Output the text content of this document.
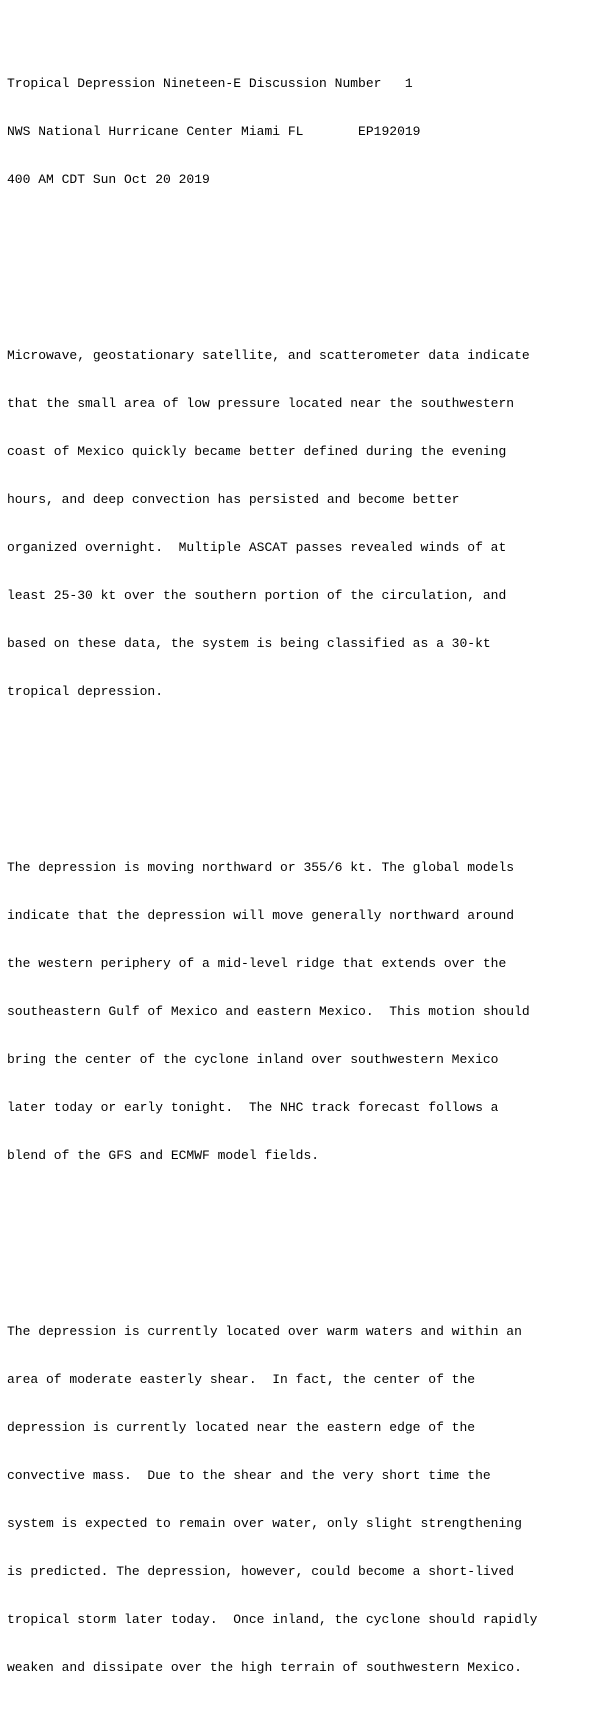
Tropical Depression Nineteen-E Discussion Number   1

NWS National Hurricane Center Miami FL       EP192019

400 AM CDT Sun Oct 20 2019

Microwave, geostationary satellite, and scatterometer data indicate

that the small area of low pressure located near the southwestern

coast of Mexico quickly became better defined during the evening

hours, and deep convection has persisted and become better

organized overnight.  Multiple ASCAT passes revealed winds of at

least 25-30 kt over the southern portion of the circulation, and

based on these data, the system is being classified as a 30-kt

tropical depression.

The depression is moving northward or 355/6 kt. The global models

indicate that the depression will move generally northward around

the western periphery of a mid-level ridge that extends over the

southeastern Gulf of Mexico and eastern Mexico.  This motion should

bring the center of the cyclone inland over southwestern Mexico

later today or early tonight.  The NHC track forecast follows a

blend of the GFS and ECMWF model fields.

The depression is currently located over warm waters and within an

area of moderate easterly shear.  In fact, the center of the

depression is currently located near the eastern edge of the

convective mass.  Due to the shear and the very short time the

system is expected to remain over water, only slight strengthening

is predicted. The depression, however, could become a short-lived

tropical storm later today.  Once inland, the cyclone should rapidly

weaken and dissipate over the high terrain of southwestern Mexico.
